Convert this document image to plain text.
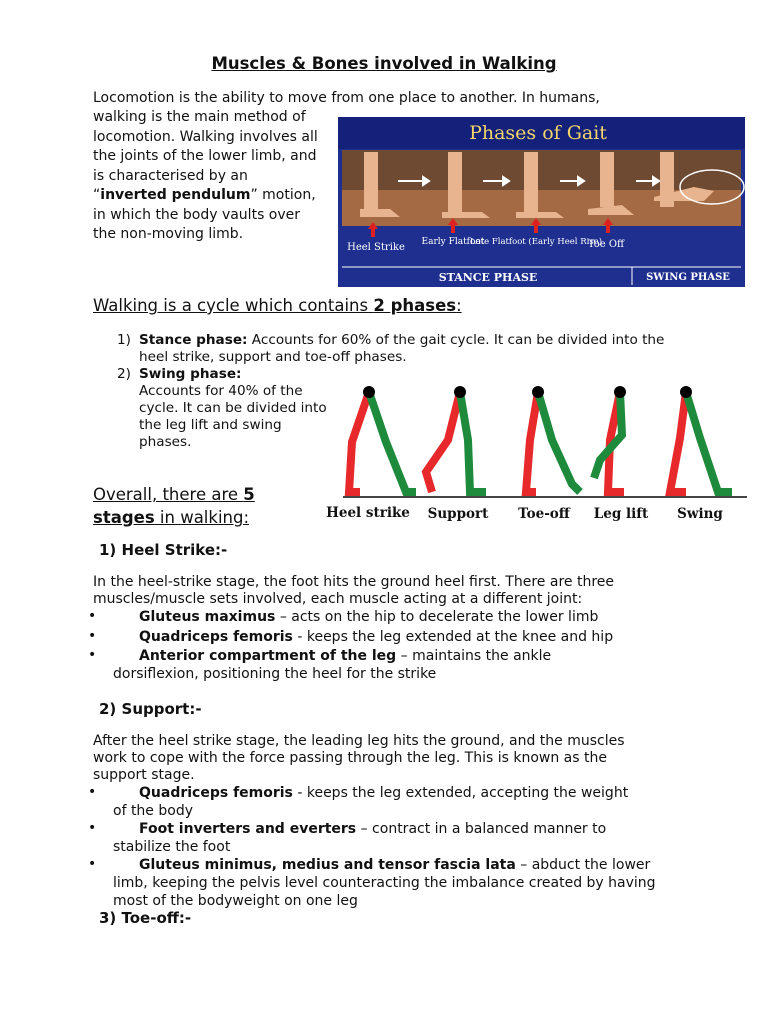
Muscles & Bones involved in Walking
Locomotion is the ability to move from one place to another. In humans,
walking is the main method of locomotion. Walking involves all the joints of the lower limb, and is characterised by an “inverted pendulum” motion, in which the body vaults over the non-moving limb.
Phases of Gait
Heel Strike Early Flatfoot
Late Flatfoot (Early Heel Rise)
Toe Off
STANCE PHASE	SWING PHASE
Walking is a cycle which contains 2 phases:
1) Stance phase: Accounts for 60% of the gait cycle. It can be divided into the heel strike, support and toe-off phases.
2) Swing phase:
Accounts for 40% of the cycle. It can be divided into the leg lift and swing phases.
Heel strike Support Toe-off Leg lift Swing
Overall, there are 5
stages in walking:
1) Heel Strike:-
In the heel-strike stage, the foot hits the ground heel first. There are three muscles/muscle sets involved, each muscle acting at a different joint:
•	Gluteus maximus – acts on the hip to decelerate the lower limb
•	Quadriceps femoris - keeps the leg extended at the knee and hip
•	Anterior compartment of the leg – maintains the ankle dorsiflexion, positioning the heel for the strike
2) Support:-
After the heel strike stage, the leading leg hits the ground, and the muscles work to cope with the force passing through the leg. This is known as the support stage.
•	Quadriceps femoris - keeps the leg extended, accepting the weight of the body
•	Foot inverters and everters – contract in a balanced manner to stabilize the foot
•	Gluteus minimus, medius and tensor fascia lata – abduct the lower limb, keeping the pelvis level counteracting the imbalance created by having most of the bodyweight on one leg
3) Toe-off:-
